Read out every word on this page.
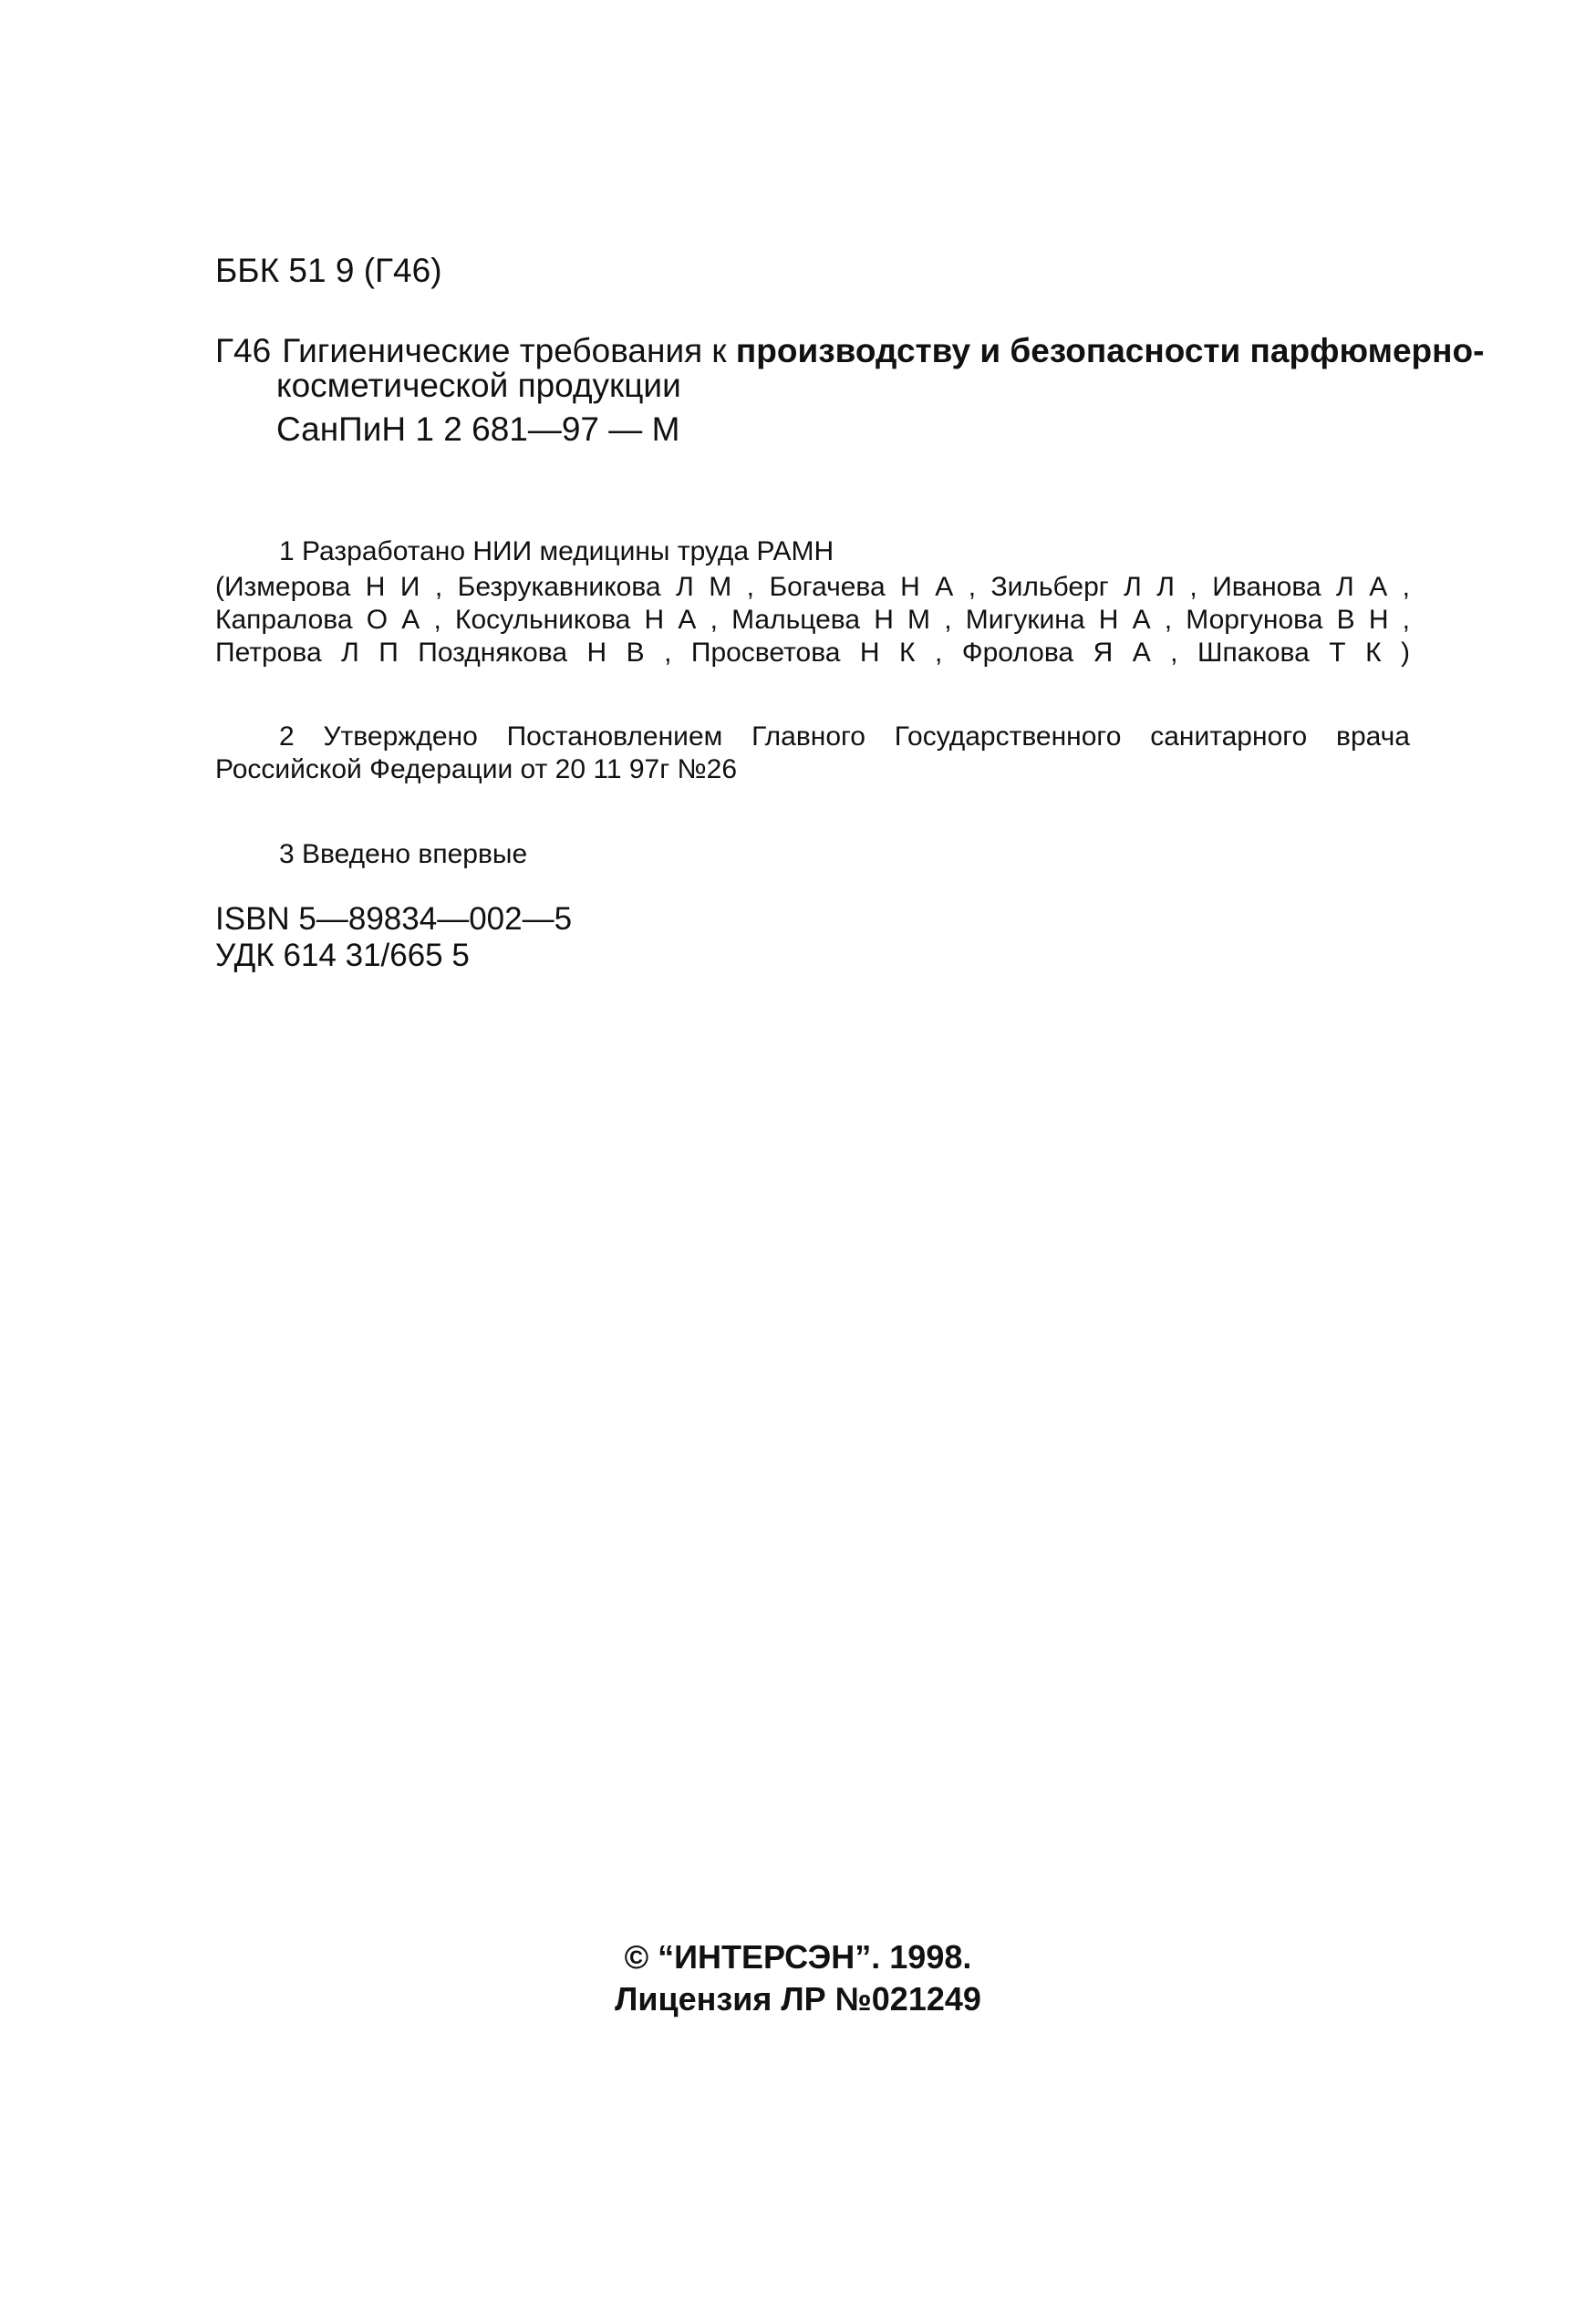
ББК 51 9 (Г46)
Г46 Гигиенические требования к производству и безопасности парфюмерно-
косметической продукции
СанПиН 1 2 681—97 — М
1 Разработано НИИ медицины труда РАМН
(Измерова Н И , Безрукавникова Л М , Богачева Н А , Зильберг Л Л , Иванова Л А ,
Капралова О А , Косульникова Н А , Мальцева Н М , Мигукина Н А , Моргунова В Н ,
Петрова Л П Позднякова Н В , Просветова Н К , Фролова Я А , Шпакова Т К )
2 Утверждено Постановлением Главного Государственного санитарного врача
Российской Федерации от 20 11 97г №26
3 Введено впервые
ISBN 5—89834—002—5
УДК 614 31/665 5
© “ИНТЕРСЭН”. 1998.
Лицензия ЛР №021249
